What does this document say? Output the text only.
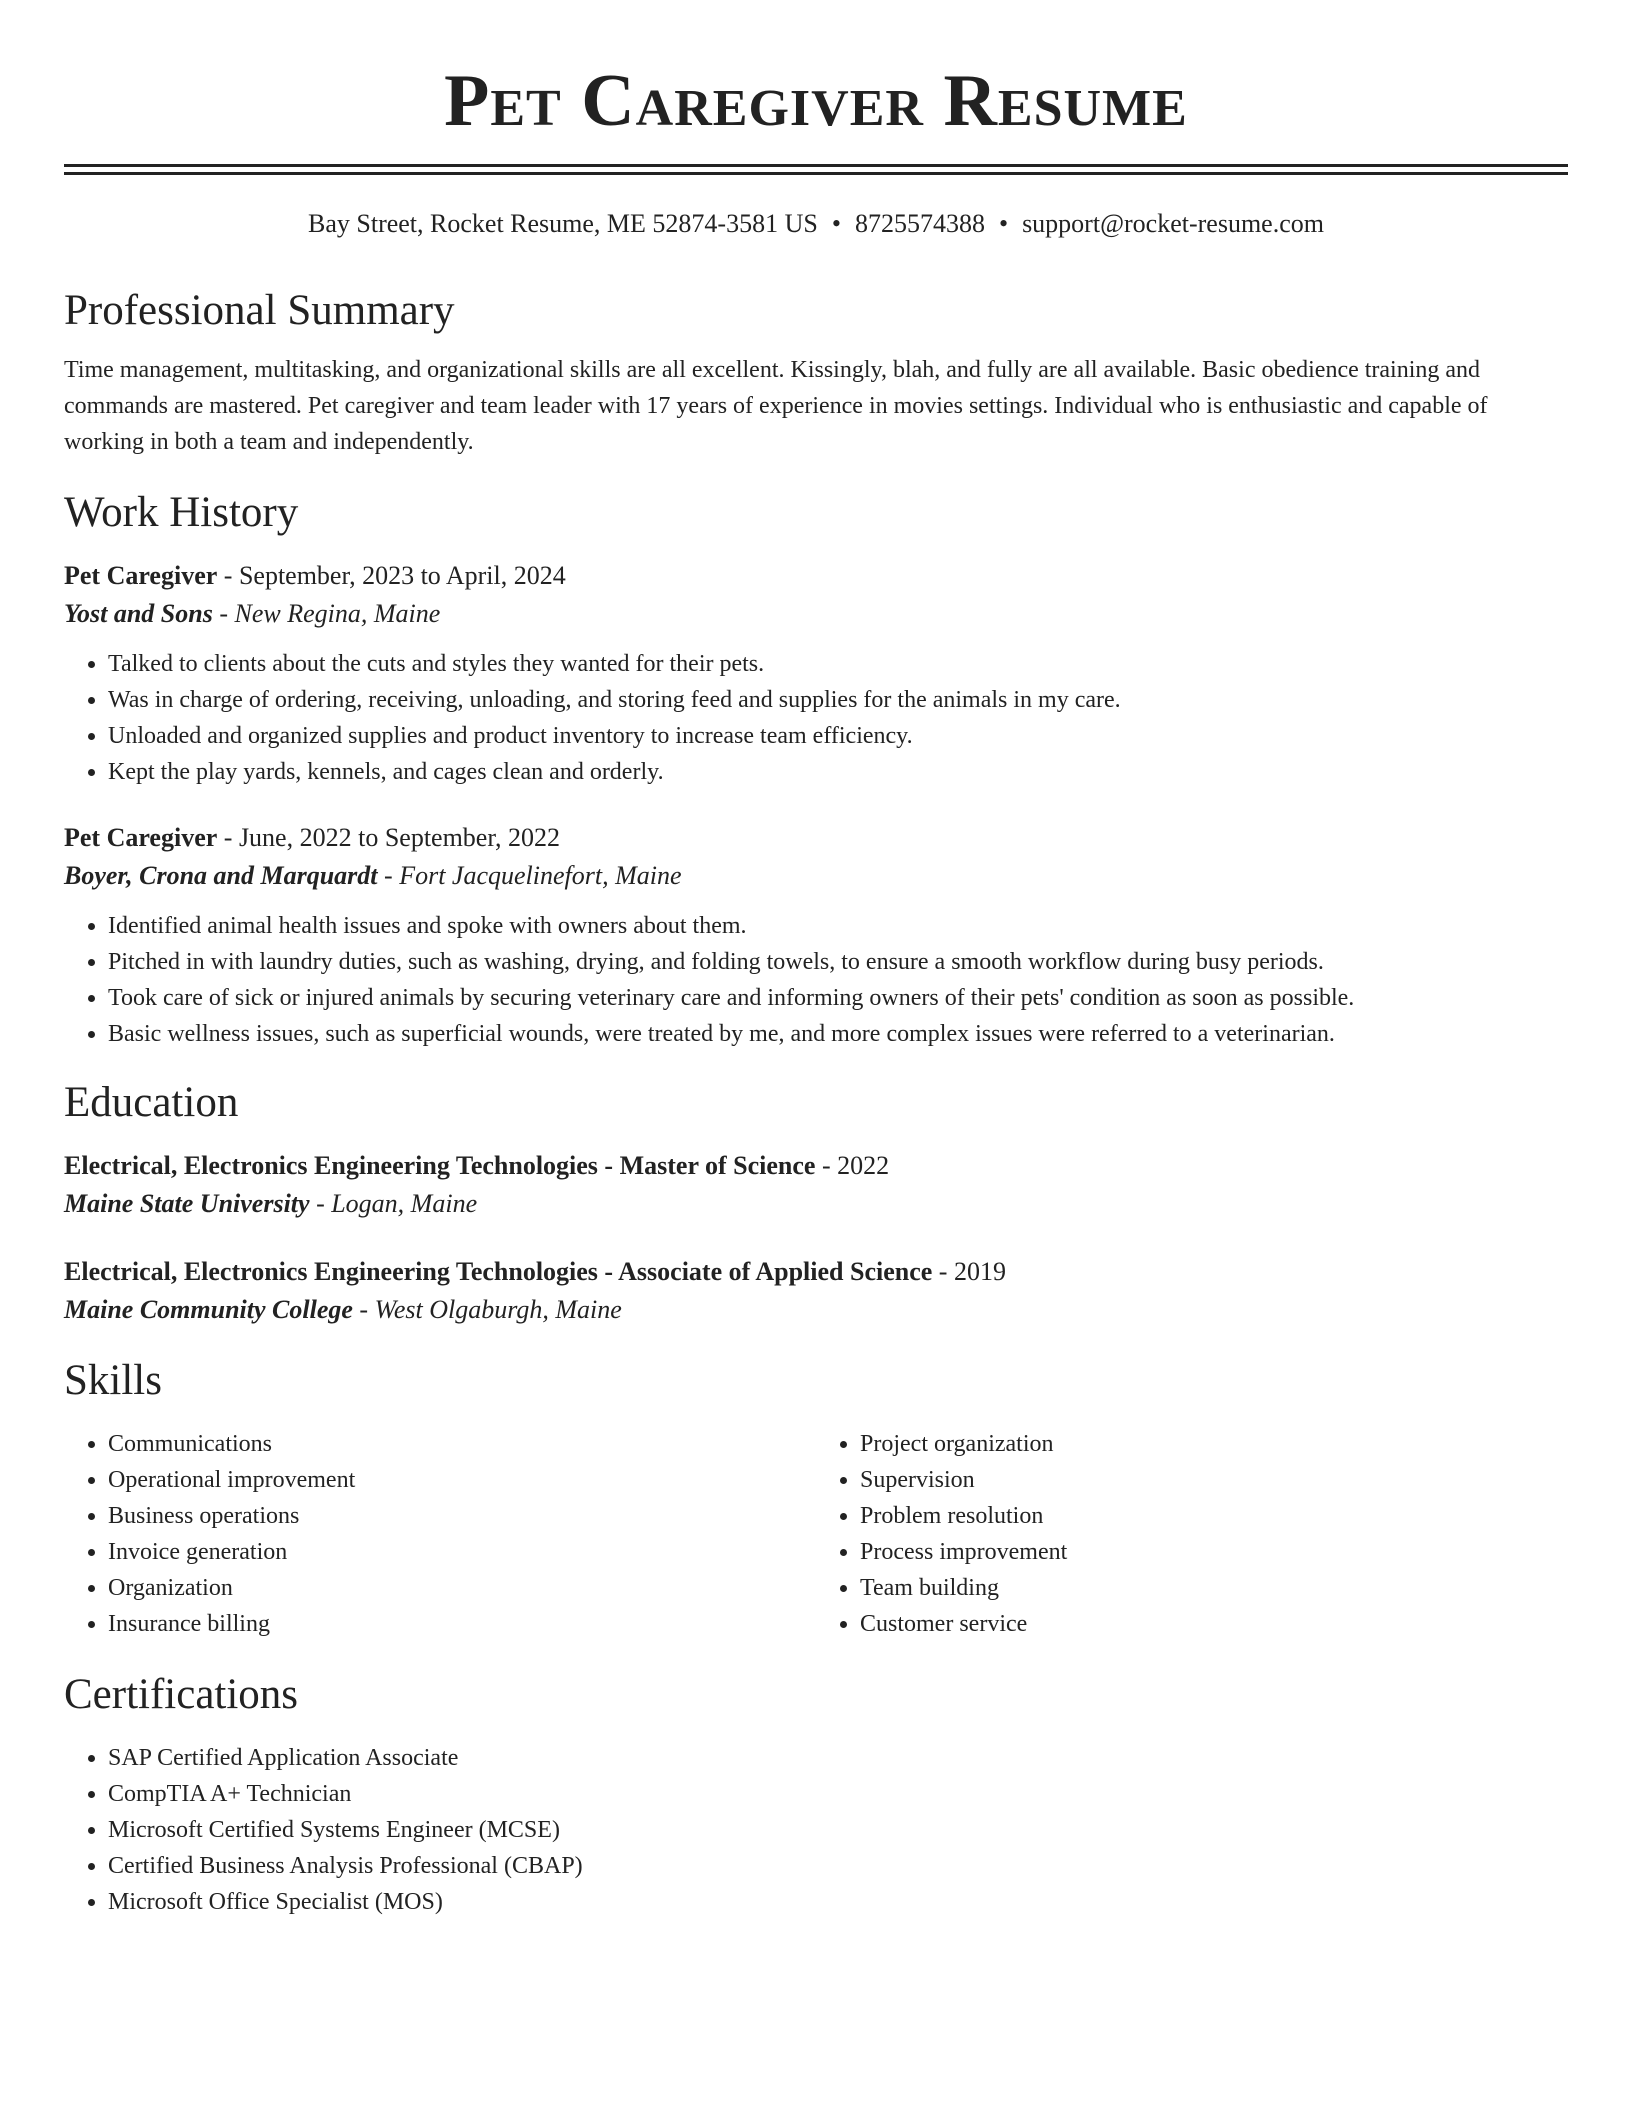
Pet Caregiver Resume
Bay Street, Rocket Resume, ME 52874-3581 US • 8725574388 • support@rocket-resume.com
Professional Summary

Time management, multitasking, and organizational skills are all excellent. Kissingly, blah, and fully are all available. Basic obedience training and commands are mastered. Pet caregiver and team leader with 17 years of experience in movies settings. Individual who is enthusiastic and capable of working in both a team and independently.

Work History
Pet Caregiver - September, 2023 to April, 2024
Yost and Sons - New Regina, Maine
• Talked to clients about the cuts and styles they wanted for their pets.
• Was in charge of ordering, receiving, unloading, and storing feed and supplies for the animals in my care.
• Unloaded and organized supplies and product inventory to increase team efficiency.
• Kept the play yards, kennels, and cages clean and orderly.
Pet Caregiver - June, 2022 to September, 2022
Boyer, Crona and Marquardt - Fort Jacquelinefort, Maine
• Identified animal health issues and spoke with owners about them.
• Pitched in with laundry duties, such as washing, drying, and folding towels, to ensure a smooth workflow during busy periods.
• Took care of sick or injured animals by securing veterinary care and informing owners of their pets' condition as soon as possible.
• Basic wellness issues, such as superficial wounds, were treated by me, and more complex issues were referred to a veterinarian.
Education
Electrical, Electronics Engineering Technologies - Master of Science - 2022
Maine State University - Logan, Maine
Electrical, Electronics Engineering Technologies - Associate of Applied Science - 2019
Maine Community College - West Olgaburgh, Maine
Skills
• Communications
• Operational improvement
• Business operations
• Invoice generation
• Organization
• Insurance billing
• Project organization
• Supervision
• Problem resolution
• Process improvement
• Team building
• Customer service
Certifications
• SAP Certified Application Associate
• CompTIA A+ Technician
• Microsoft Certified Systems Engineer (MCSE)
• Certified Business Analysis Professional (CBAP)
• Microsoft Office Specialist (MOS)
